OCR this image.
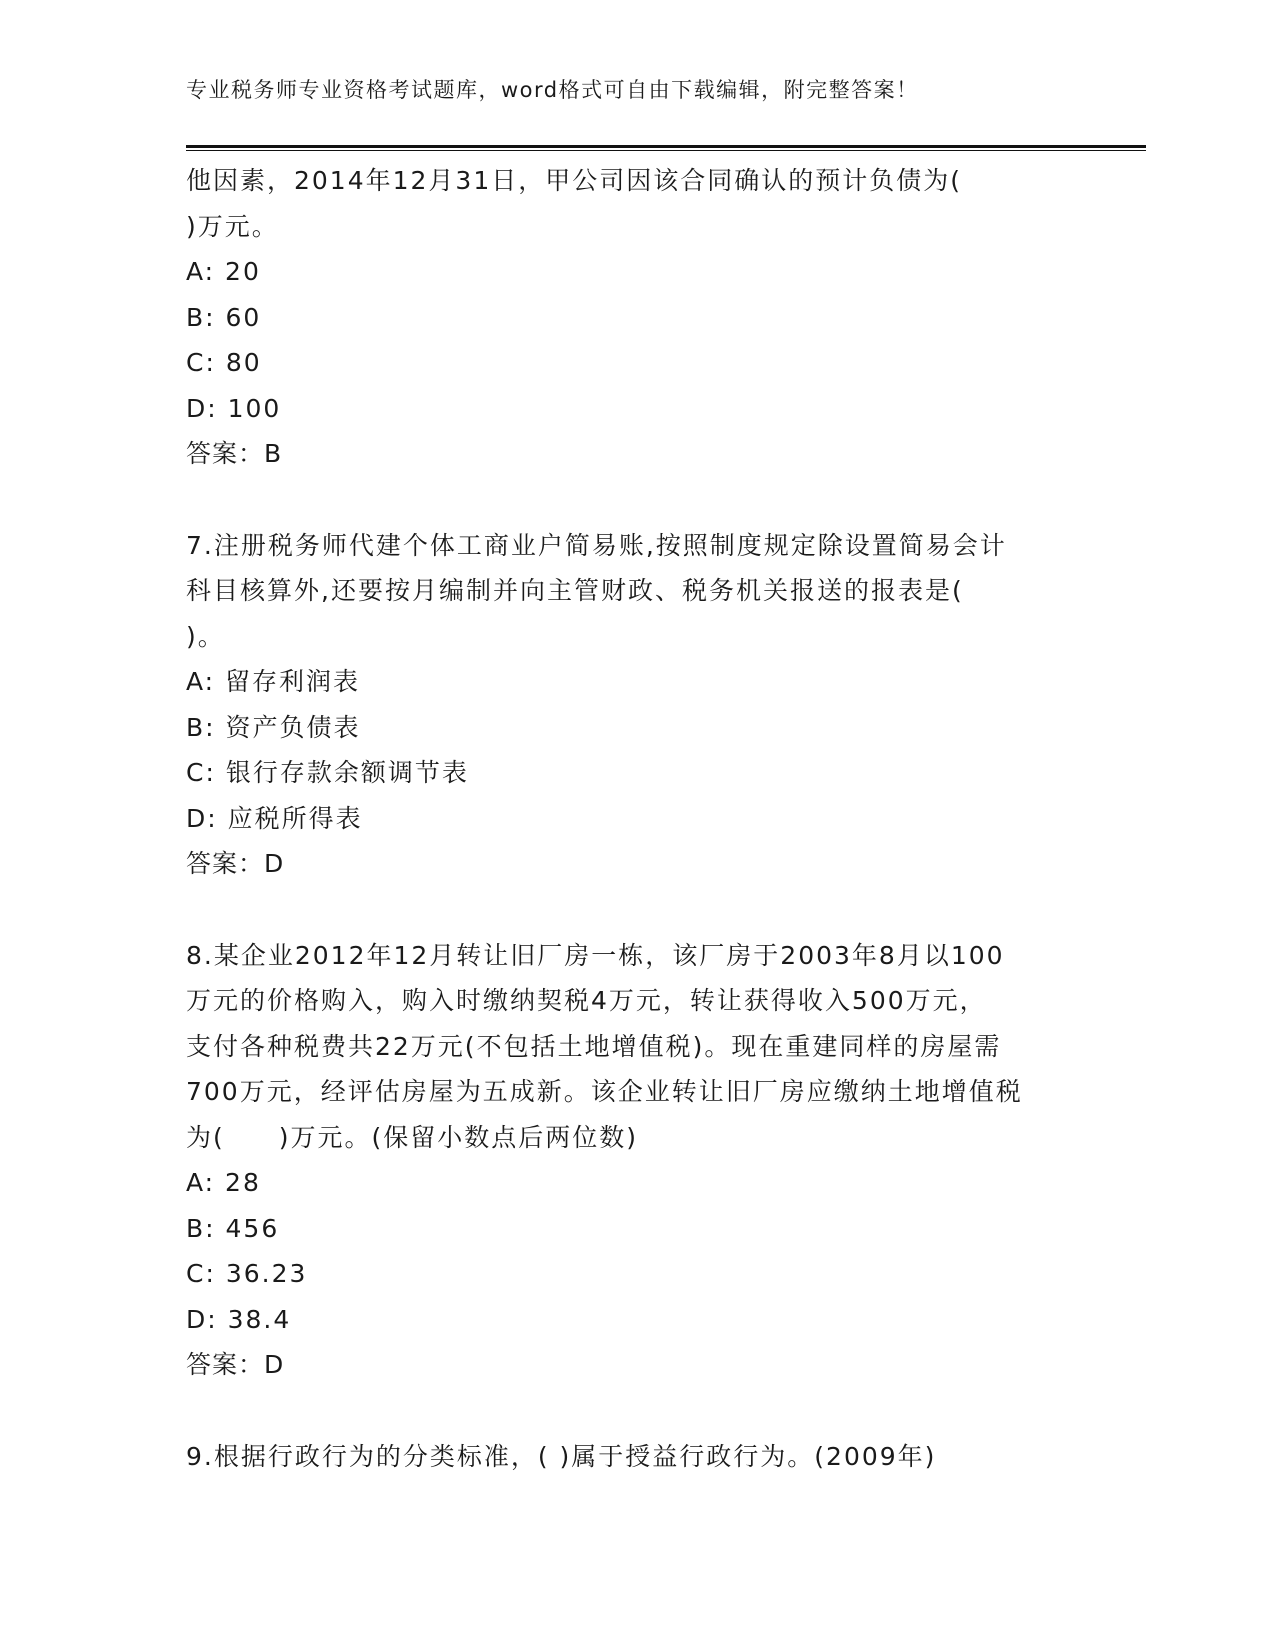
专业税务师专业资格考试题库，word格式可自由下载编辑，附完整答案！
他因素，2014年12月31日，甲公司因该合同确认的预计负债为(
)万元。
A: 20
B: 60
C: 80
D: 100
答案：B
7.注册税务师代建个体工商业户简易账,按照制度规定除设置简易会计
科目核算外,还要按月编制并向主管财政、税务机关报送的报表是(
)。
A: 留存利润表
B: 资产负债表
C: 银行存款余额调节表
D: 应税所得表
答案：D
8.某企业2012年12月转让旧厂房一栋，该厂房于2003年8月以100
万元的价格购入，购入时缴纳契税4万元，转让获得收入500万元，
支付各种税费共22万元(不包括土地增值税)。现在重建同样的房屋需
700万元，经评估房屋为五成新。该企业转让旧厂房应缴纳土地增值税
为(　　)万元。(保留小数点后两位数)
A: 28
B: 456
C: 36.23
D: 38.4
答案：D
9.根据行政行为的分类标准，( )属于授益行政行为。(2009年)
